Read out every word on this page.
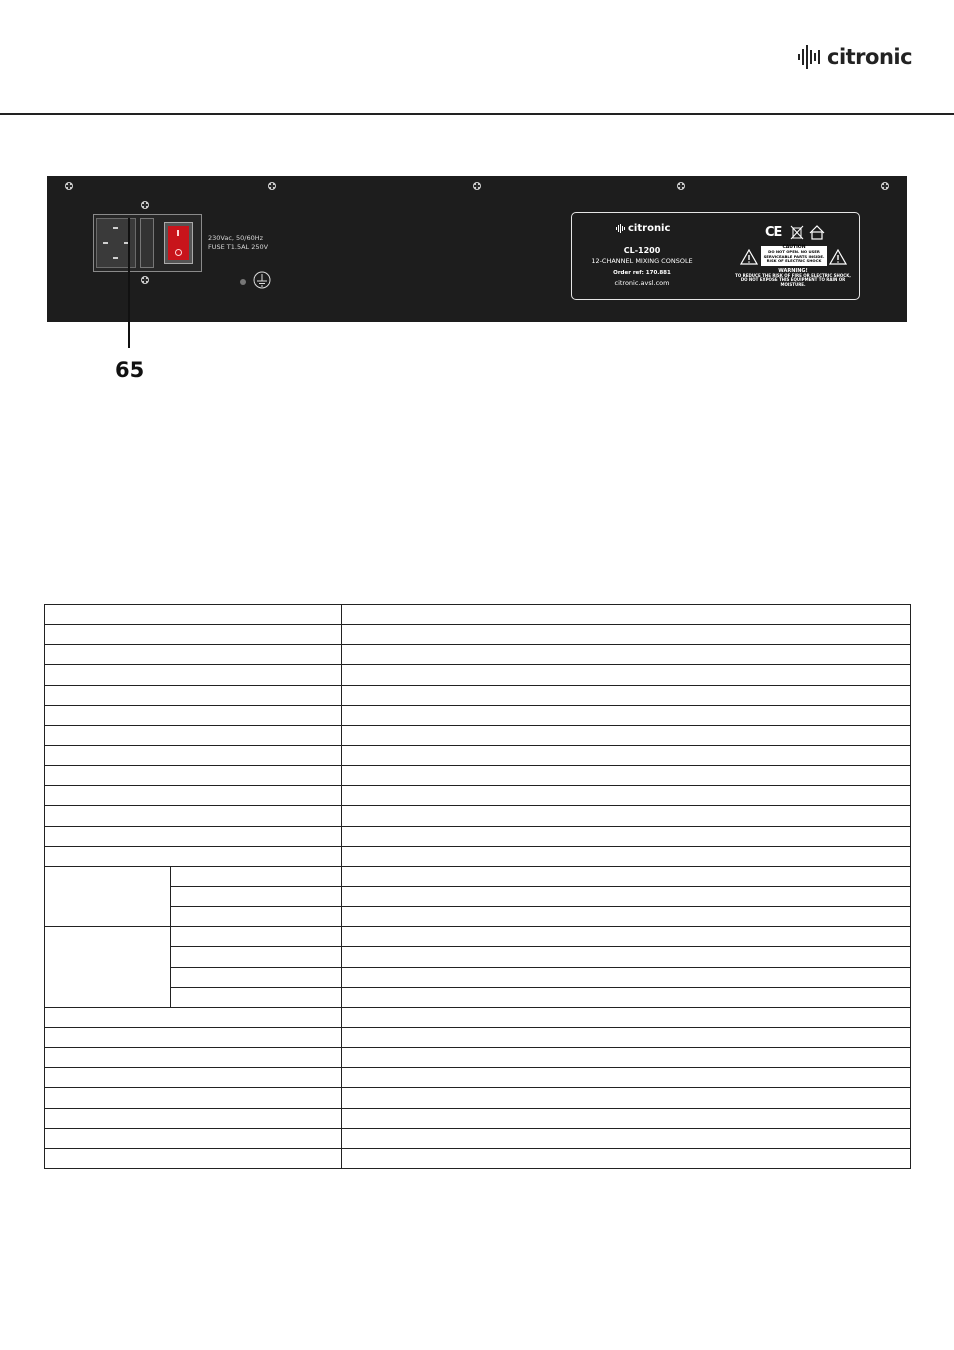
citronic
230Vac, 50/60Hz
FUSE T1.5AL 250V
citronic
CL-1200
12-CHANNEL MIXING CONSOLE
Order ref: 170.881
citronic.avsl.com
CE
CAUTION
DO NOT OPEN. NO USER SERVICEABLE PARTS INSIDE. RISK OF ELECTRIC SHOCK
WARNING!
TO REDUCE THE RISK OF FIRE OR ELECTRIC SHOCK, DO NOT EXPOSE THIS EQUIPMENT TO RAIN OR MOISTURE.
65
